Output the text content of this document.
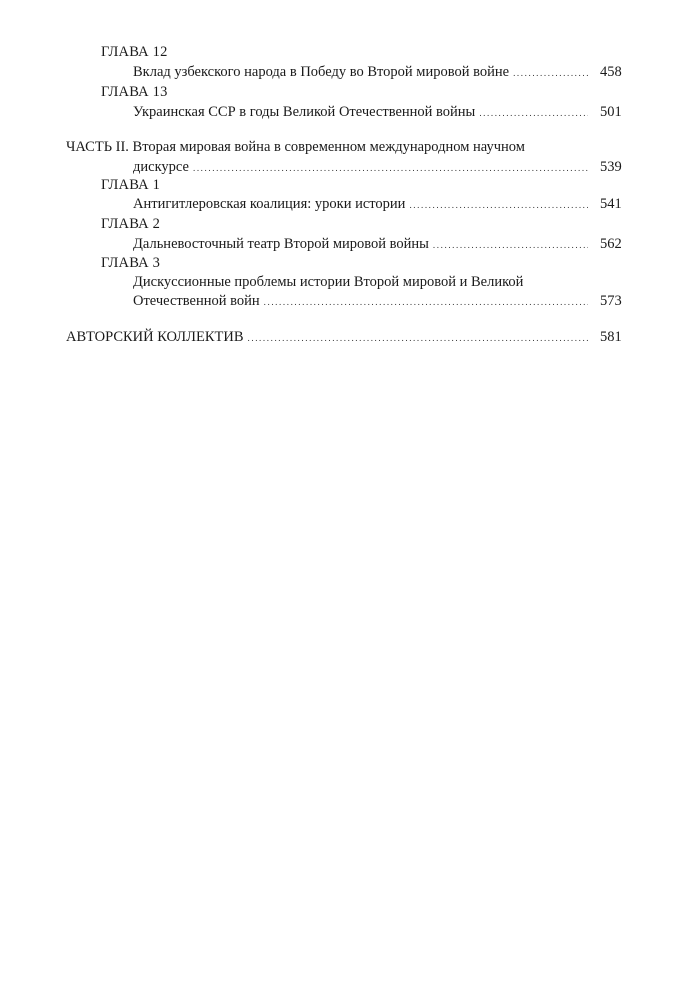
ГЛАВА 12
Вклад узбекского народа в Победу во Второй мировой войне .....	458
ГЛАВА 13
Украинская ССР в годы Великой Отечественной войны .....	501
ЧАСТЬ II. Вторая мировая война в современном международном научном
дискурсе .....	539
ГЛАВА 1
Антигитлеровская коалиция: уроки истории .....	541
ГЛАВА 2
Дальневосточный театр Второй мировой войны .....	562
ГЛАВА 3
Дискуссионные проблемы истории Второй мировой и Великой
Отечественной войн .....	573
АВТОРСКИЙ КОЛЛЕКТИВ .....	581
